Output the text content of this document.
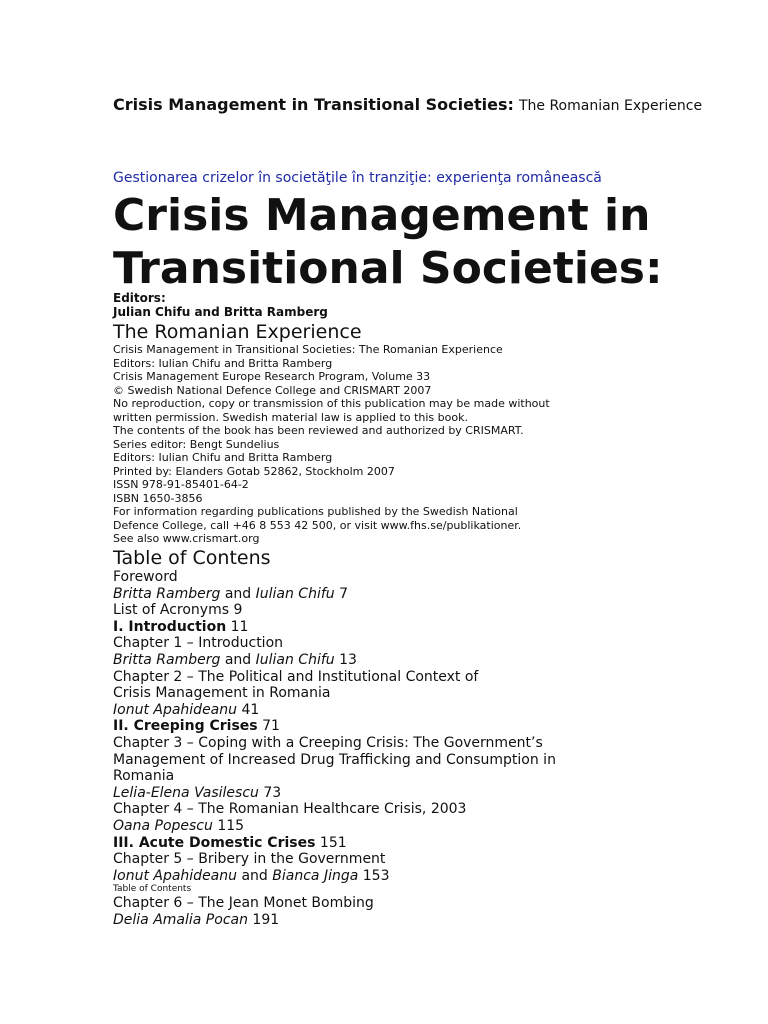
Crisis Management in Transitional Societies: The Romanian Experience
Gestionarea crizelor în societăţile în tranziţie: experienţa românească
Crisis Management in
Transitional Societies:
Editors:
Julian Chifu and Britta Ramberg
The Romanian Experience
Crisis Management in Transitional Societies: The Romanian Experience
Editors: Iulian Chifu and Britta Ramberg
Crisis Management Europe Research Program, Volume 33
© Swedish National Defence College and CRISMART 2007
No reproduction, copy or transmission of this publication may be made without
written permission. Swedish material law is applied to this book.
The contents of the book has been reviewed and authorized by CRISMART.
Series editor: Bengt Sundelius
Editors: Iulian Chifu and Britta Ramberg
Printed by: Elanders Gotab 52862, Stockholm 2007
ISSN 978-91-85401-64-2
ISBN 1650-3856
For information regarding publications published by the Swedish National
Defence College, call +46 8 553 42 500, or visit www.fhs.se/publikationer.
See also www.crismart.org
Table of Contens
Foreword
Britta Ramberg and Iulian Chifu 7
List of Acronyms 9
I. Introduction 11
Chapter 1 – Introduction
Britta Ramberg and Iulian Chifu 13
Chapter 2 – The Political and Institutional Context of
Crisis Management in Romania
Ionut Apahideanu 41
II. Creeping Crises 71
Chapter 3 – Coping with a Creeping Crisis: The Government’s
Management of Increased Drug Trafficking and Consumption in
Romania
Lelia-Elena Vasilescu 73
Chapter 4 – The Romanian Healthcare Crisis, 2003
Oana Popescu 115
III. Acute Domestic Crises 151
Chapter 5 – Bribery in the Government
Ionut Apahideanu and Bianca Jinga 153
Table of Contents
Chapter 6 – The Jean Monet Bombing
Delia Amalia Pocan 191
